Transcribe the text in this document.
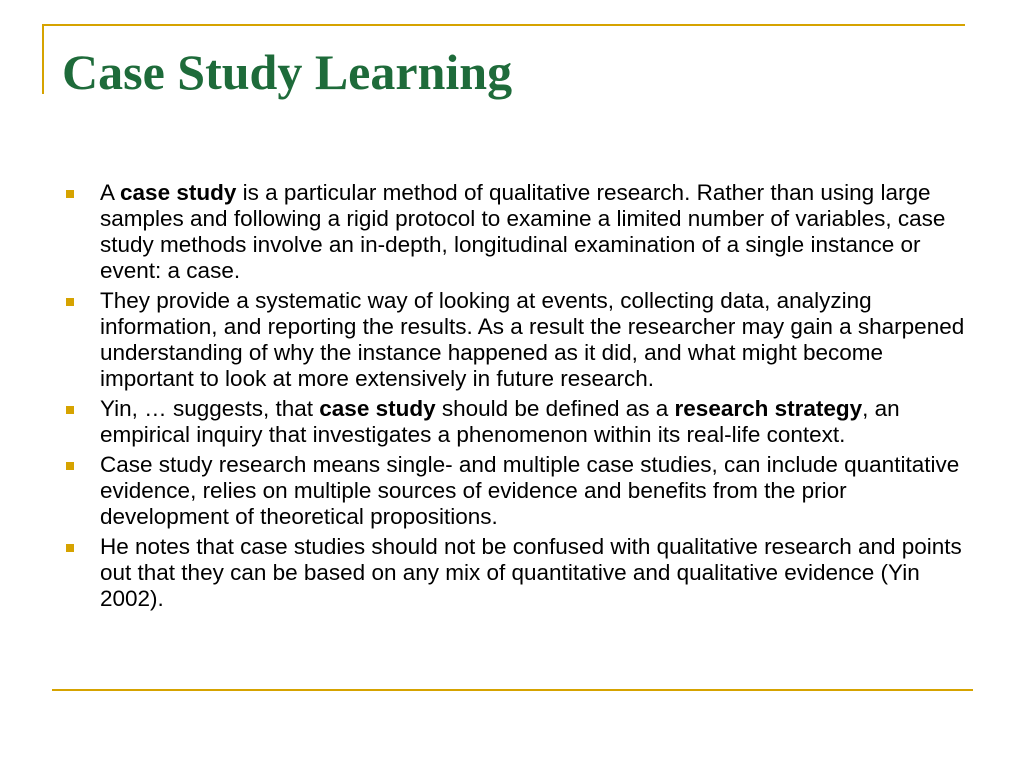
Case Study Learning
A case study is a particular method of qualitative research. Rather than using large samples and following a rigid protocol to examine a limited number of variables, case study methods involve an in-depth, longitudinal examination of a single instance or event: a case.
They provide a systematic way of looking at events, collecting data, analyzing information, and reporting the results. As a result the researcher may gain a sharpened understanding of why the instance happened as it did, and what might become important to look at more extensively in future research.
Yin, … suggests, that case study should be defined as a research strategy, an empirical inquiry that investigates a phenomenon within its real-life context.
Case study research means single- and multiple case studies, can include quantitative evidence, relies on multiple sources of evidence and benefits from the prior development of theoretical propositions.
He notes that case studies should not be confused with qualitative research and points out that they can be based on any mix of quantitative and qualitative evidence (Yin 2002).
